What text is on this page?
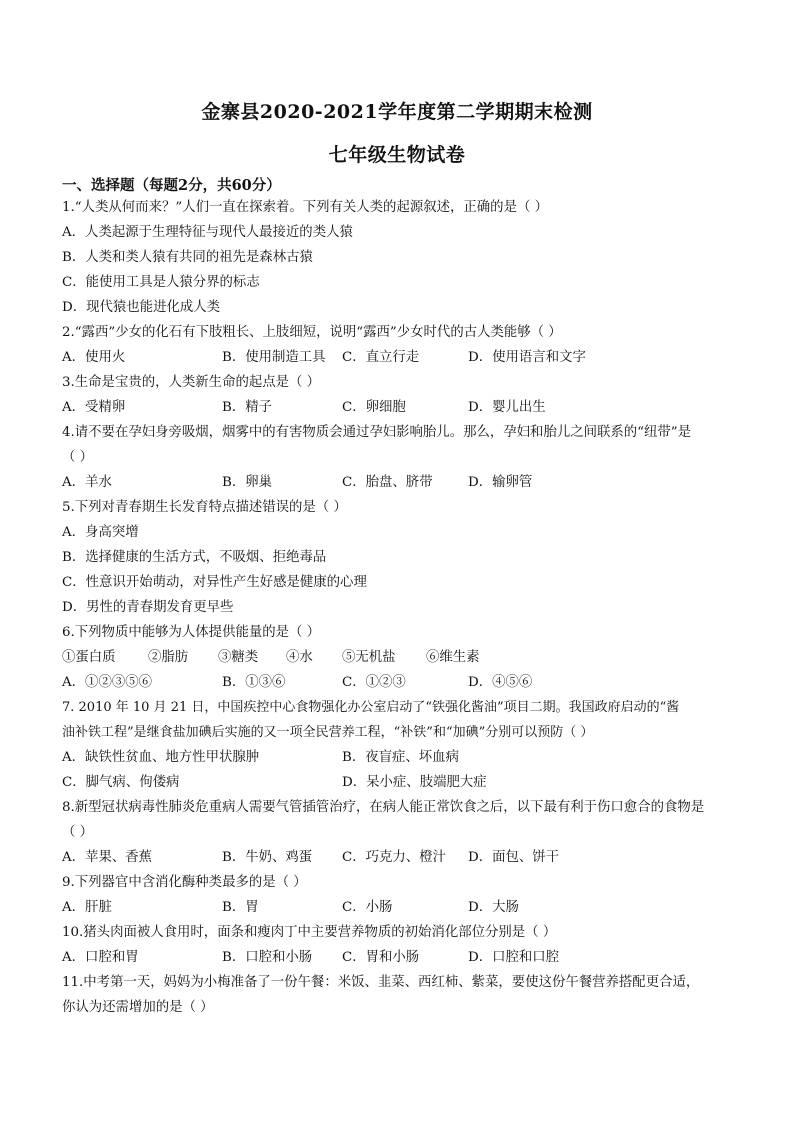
金寨县2020-2021学年度第二学期期末检测
七年级生物试卷
一、选择题（每题2分，共60分）
1.“人类从何而来？”人们一直在探索着。下列有关人类的起源叙述，正确的是（ ）
A．人类起源于生理特征与现代人最接近的类人猿
B．人类和类人猿有共同的祖先是森林古猿
C．能使用工具是人猿分界的标志
D．现代猿也能进化成人类
2.“露西”少女的化石有下肢粗长、上肢细短，说明“露西”少女时代的古人类能够（ ）
A．使用火	B．使用制造工具 C．直立行走	D．使用语言和文字
3.生命是宝贵的，人类新生命的起点是（ ）
A．受精卵	B．精子	C．卵细胞	D．婴儿出生
4.请不要在孕妇身旁吸烟，烟雾中的有害物质会通过孕妇影响胎儿。那么，孕妇和胎儿之间联系的“纽带”是
（ ）
A．羊水	B．卵巢	C．胎盘、脐带	D．输卵管
5.下列对青春期生长发育特点描述错误的是（ ）
A．身高突增
B．选择健康的生活方式，不吸烟、拒绝毒品
C．性意识开始萌动，对异性产生好感是健康的心理
D．男性的青春期发育更早些
6.下列物质中能够为人体提供能量的是（ ）
①蛋白质 ②脂肪 ③糖类 ④水 ⑤无机盐 ⑥维生素
A．①②③⑤⑥	B．①③⑥	C．①②③	D．④⑤⑥
7. 2010 年 10 月 21 日，中国疾控中心食物强化办公室启动了“铁强化酱油”项目二期。我国政府启动的“酱
油补铁工程”是继食盐加碘后实施的又一项全民营养工程，“补铁”和“加碘”分别可以预防（ ）
A．缺铁性贫血、地方性甲状腺肿	B．夜盲症、坏血病
C．脚气病、佝偻病	D．呆小症、肢端肥大症
8.新型冠状病毒性肺炎危重病人需要气管插管治疗，在病人能正常饮食之后，以下最有利于伤口愈合的食物是
（ ）
A．苹果、香蕉	B．牛奶、鸡蛋 C．巧克力、橙汁 D．面包、饼干
9.下列器官中含消化酶种类最多的是（ ）
A．肝脏	B．胃	C．小肠	D．大肠
10.猪头肉面被人食用时，面条和瘦肉丁中主要营养物质的初始消化部位分别是（ ）
A．口腔和胃	B．口腔和小肠 C．胃和小肠	D．口腔和口腔
11.中考第一天，妈妈为小梅准备了一份午餐：米饭、韭菜、西红柿、紫菜，要使这份午餐营养搭配更合适，
你认为还需增加的是（ ）
